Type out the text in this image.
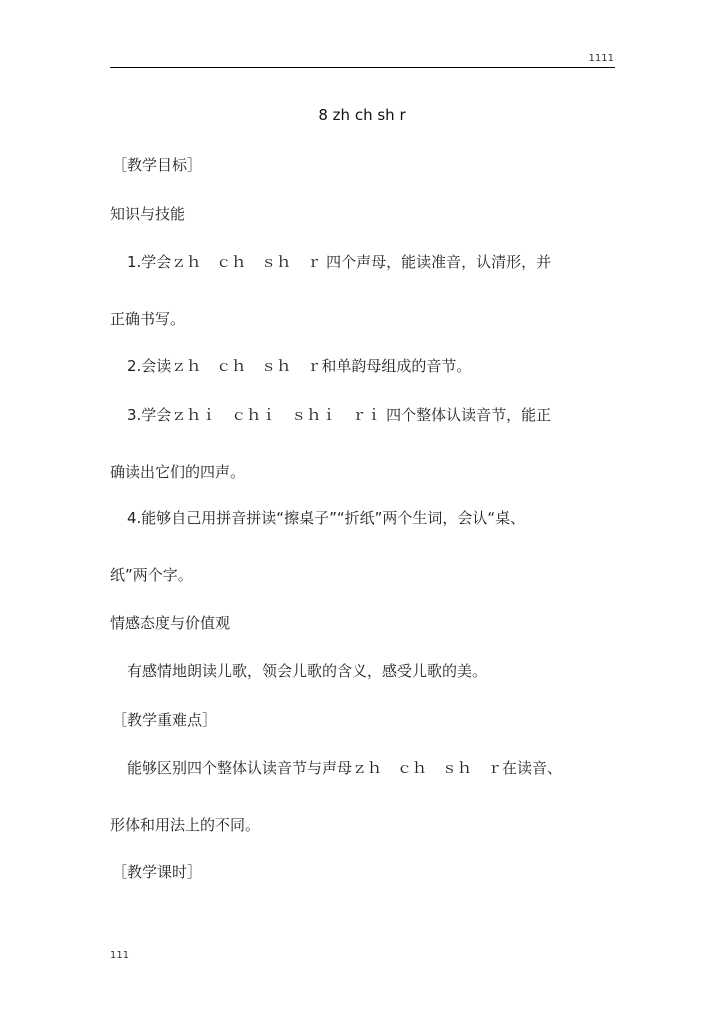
1111
8 zh ch sh r
［教学目标］
知识与技能
1.学会ｚｈ　ｃｈ　ｓｈ　ｒ 四个声母，能读准音，认清形，并
正确书写。
2.会读ｚｈ　ｃｈ　ｓｈ　ｒ和单韵母组成的音节。
3.学会ｚｈｉ　ｃｈｉ　ｓｈｉ　ｒｉ 四个整体认读音节，能正
确读出它们的四声。
4.能够自己用拼音拼读“擦桌子”“折纸”两个生词，会认“桌、
纸”两个字。
情感态度与价值观
有感情地朗读儿歌，领会儿歌的含义，感受儿歌的美。
［教学重难点］
能够区别四个整体认读音节与声母ｚｈ　ｃｈ　ｓｈ　ｒ在读音、
形体和用法上的不同。
［教学课时］
111
